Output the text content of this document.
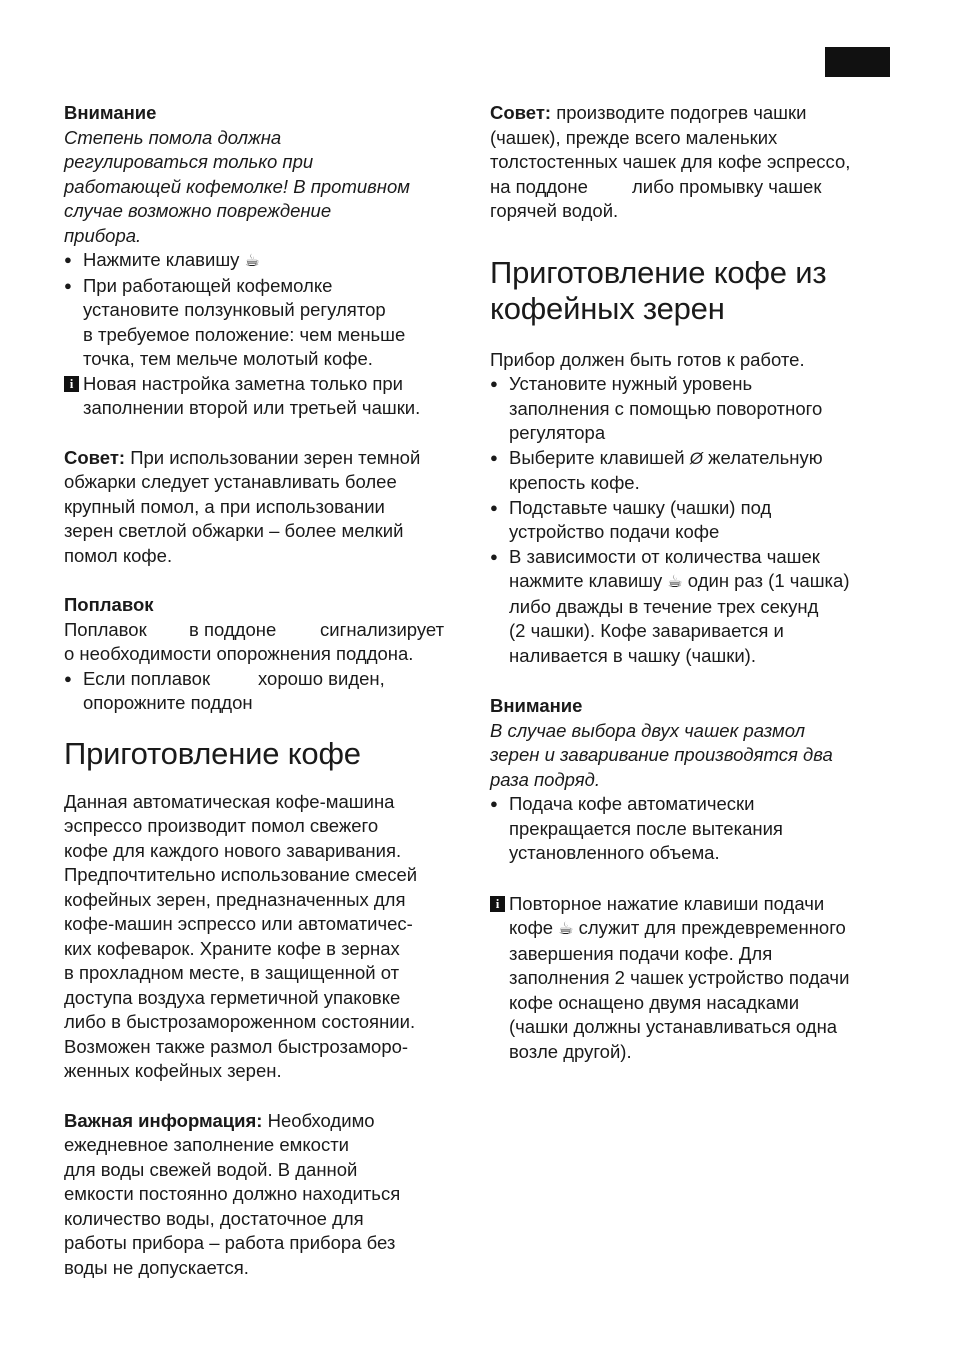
Внимание

Степень помола должна

регулироваться только при

работающей кофемолке! В противном

случае возможно повреждение

прибора.

● Нажмите клавишу ☕︎

● При работающей кофемолке

установите ползунковый регулятор

в требуемое положение: чем меньше

точка, тем мельче молотый кофе.

i Новая настройка заметна только при

заполнении второй или третьей чашки.

Совет: При использовании зерен темной

обжарки следует устанавливать более

крупный помол, а при использовании

зерен светлой обжарки – более мелкий

помол кофе.

Поплавок

Поплавок в поддоне сигнализирует

о необходимости опорожнения поддона.

● Если поплавок	хорошо виден,

опорожните поддон

Приготовление кофе

Данная автоматическая кофе-машина

эспрессо производит помол свежего

кофе для каждого нового заваривания.

Предпочтительно использование смесей

кофейных зерен, предназначенных для

кофе-машин эспрессо или автоматичес-

ких кофеварок. Храните кофе в зернах

в прохладном месте, в защищенной от

доступа воздуха герметичной упаковке

либо в быстрозамороженном состоянии.

Возможен также размол быстрозаморо-

женных кофейных зерен.

Важная информация: Необходимо

ежедневное заполнение емкости

для воды свежей водой. В данной

емкости постоянно должно находиться

количество воды, достаточное для

работы прибора – работа прибора без

воды не допускается.

Совет: производите подогрев чашки

(чашек), прежде всего маленьких

толстостенных чашек для кофе эспрессо,

на поддоне либо промывку чашек

горячей водой.

Приготовление кофе из
кофейных зерен

Прибор должен быть готов к работе.

● Установите нужный уровень

заполнения с помощью поворотного

регулятора

● Выберите клавишей Ø желательную

крепость кофе.

● Подставьте чашку (чашки) под

устройство подачи кофе

● В зависимости от количества чашек

нажмите клавишу ☕︎ один раз (1 чашка)

либо дважды в течение трех секунд

(2 чашки). Кофе заваривается и

наливается в чашку (чашки).

Внимание

В случае выбора двух чашек размол

зерен и заваривание производятся два

раза подряд.

● Подача кофе автоматически

прекращается после вытекания

установленного объема.

i Повторное нажатие клавиши подачи

кофе ☕︎ служит для преждевременного

завершения подачи кофе. Для

заполнения 2 чашек устройство подачи

кофе оснащено двумя насадками

(чашки должны устанавливаться одна

возле другой).
